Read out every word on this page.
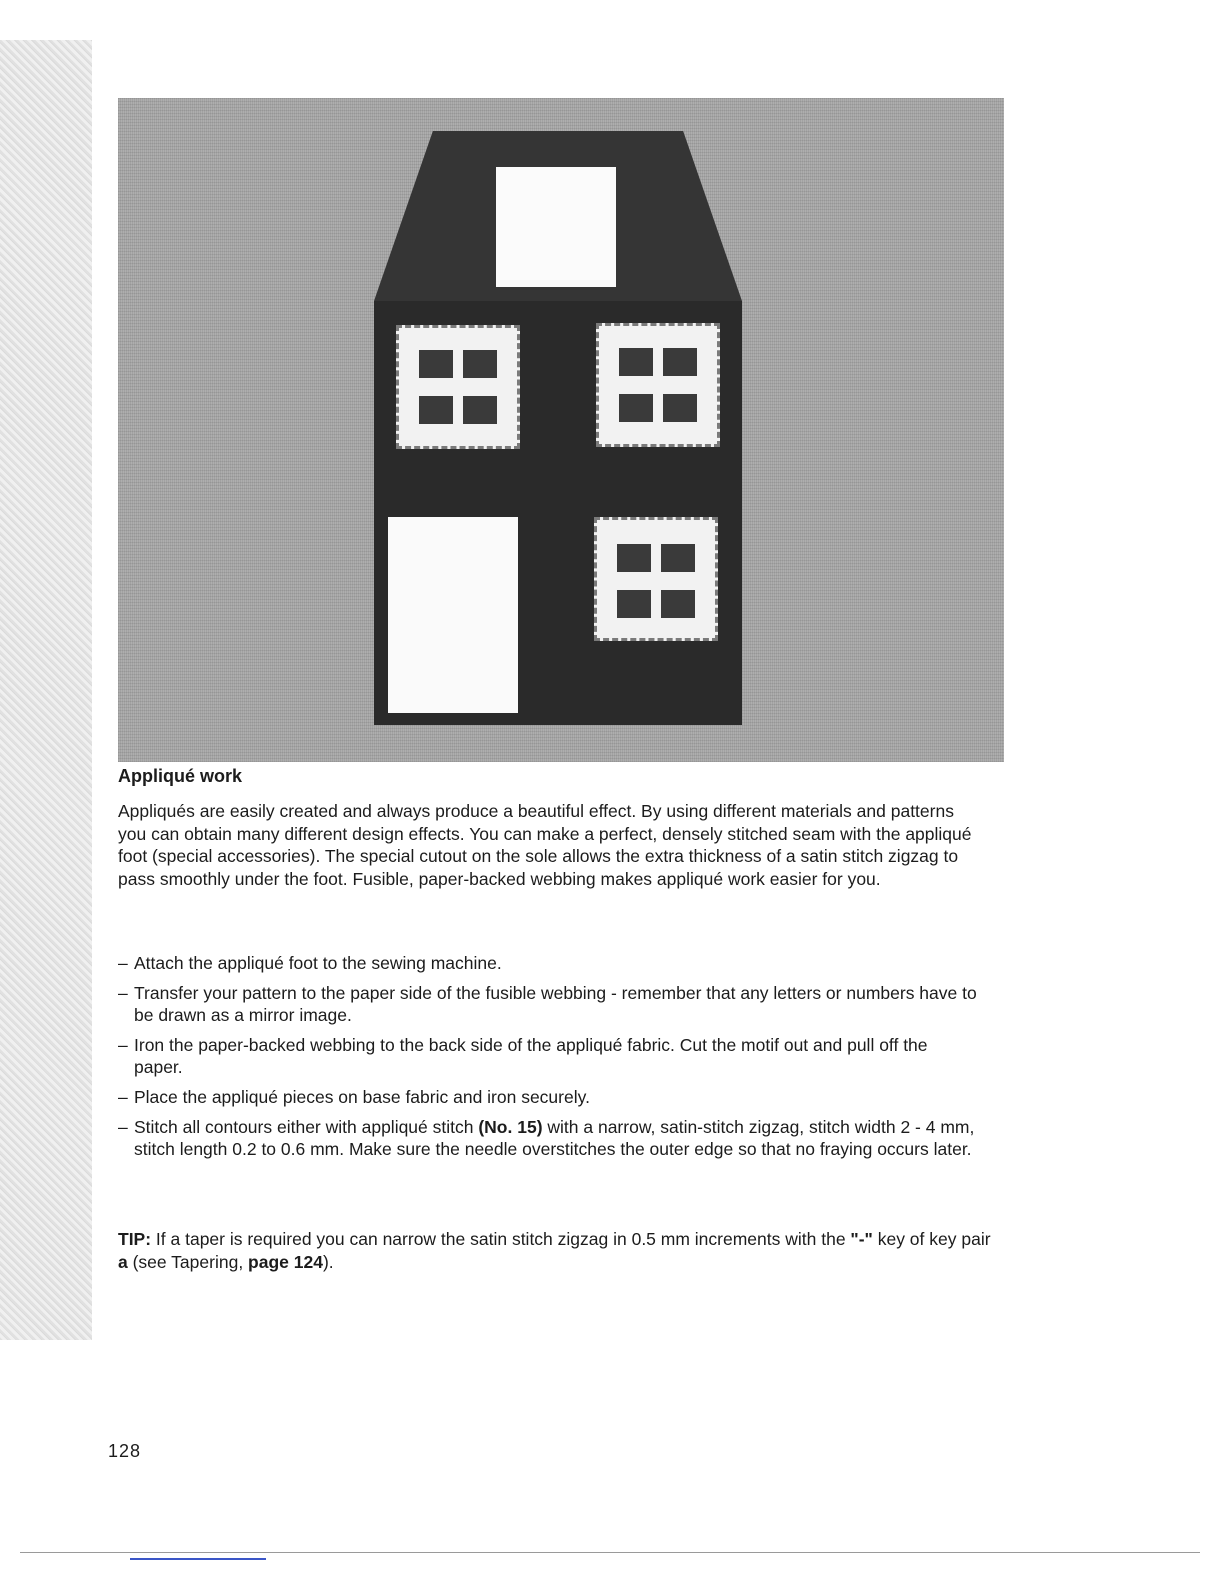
Appliqué work

Appliqués are easily created and always produce a beautiful effect. By using different materials and patterns you can obtain many different design effects. You can make a perfect, densely stitched seam with the appliqué foot (special accessories). The special cutout on the sole allows the extra thickness of a satin stitch zigzag to pass smoothly under the foot. Fusible, paper-backed webbing makes appliqué work easier for you.

– Attach the appliqué foot to the sewing machine.
– Transfer your pattern to the paper side of the fusible webbing - remember that any letters or numbers have to be drawn as a mirror image.
– Iron the paper-backed webbing to the back side of the appliqué fabric. Cut the motif out and pull off the paper.
– Place the appliqué pieces on base fabric and iron securely.
– Stitch all contours either with appliqué stitch (No. 15) with a narrow, satin-stitch zigzag, stitch width 2 - 4 mm, stitch length 0.2 to 0.6 mm. Make sure the needle overstitches the outer edge so that no fraying occurs later.

TIP: If a taper is required you can narrow the satin stitch zigzag in 0.5 mm increments with the "-" key of key pair a (see Tapering, page 124).

128
